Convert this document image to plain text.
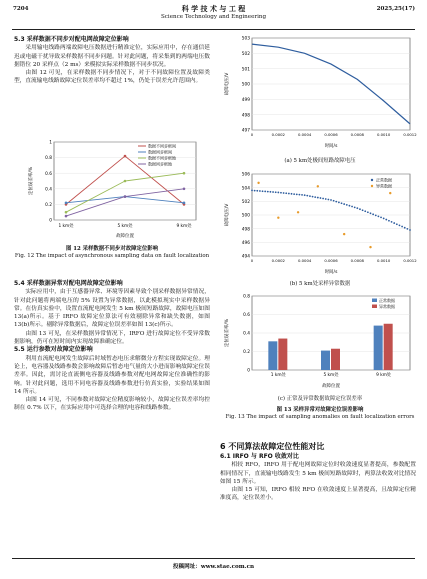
7204	科 学 技 术 与 工 程
Science Technology and Engineering
2025,25(17)
5.3 采样数据不同步对配电网故障定位影响

采用输电线路两端故障电压数据进行精准定位，实际应用中，存在通信延迟或电磁干扰导致采样数据不同步问题。针对此问题，将采集到的两端电压数据错位 20 采样点（2 ms）来模拟实际采样数据不同步状况。

由图 12 可见，在采样数据不同步情况下，对于不同故障位置及故障类型，直流输电线路故障定位误差率均不超过 1%，仍处于误差允许范围内。

0
0.2
0.4
0.6
0.8
1
定位误差率/%
故障位置
1 km处	5 km处	9 km处
数据不同步极间
数据同步极间
数据不同步极地
数据同步极地
图 12 采样数据不同步对故障定位影响
Fig. 12 The impact of asynchronous sampling data on fault localization
5.4 采样数据异常对配电网故障定位影响

实际应用中，由于互感器异常、环境等因素导致个别采样数据异常情况，针对此问题将两端电压的 5% 设置为异常数据，以此模拟现实中采样数据异常。在仿真实验中，设置直流配电网发生 5 km 极间短路故障，故障电压如图 13(a)所示。基于 IRFO 故障定位算法可有效剔除异常和缺失数据，如图 13(b)所示。剔除异常数据后，故障定位误差率如图 13(c)所示。

由图 13 可见，在采样数据异常情况下，IRFO 进行故障定位不受异常数据影响，仍可在短时间内实现故障准确定位。

5.5 运行参数对故障定位影响

利用直流配电网发生故障后时域暂态电压求解微分方程实现故障定位。理论上，电容器及线路参数会影响故障后暂态电气量的大小进而影响故障定位误差率。因此，需讨论直流侧电容器及线路参数对配电网故障定位准确性的影响。针对此问题，选用不同电容器及线路参数进行仿真实验，实验结果如图 14 所示。

由图 14 可见，不同参数对故障定位精度影响较小，故障定位误差率均控制在 0.7% 以下，在实际应用中可选择合理的电容和线路参数。

497
498
499
500
501
502
503
故障电压/V
时间/s
0	0.0002	0.0004	0.0006	0.0008	0.0010	0.0012
(a) 5 km处极间短路故障电压
494
496
498
500
502
504
506
故障电压/V
时间/s
0	0.0002	0.0004	0.0006	0.0008	0.0010	0.0012
正常数据
异常数据
(b) 5 km处采样异常数据
0
0.2
0.4
0.6
0.8
定位误差率/%
故障位置
1 km处	5 km处	9 km处
正常数据
异常数据
(c) 正常及异常数据故障定位误差率
图 13 采样异常对故障定位误差影响
Fig. 13 The impact of sampling anomalies on fault localization errors
6 不同算法故障定位性能对比
6.1 IRFO 与 RFO 收敛对比

相较 RFO，IRFO 用于配电网故障定位时收敛速度显著提高，参数配置相同情况下，直流输电线路发生 5 km 极间短路故障时，两算法收敛对比情况如图 15 所示。

由图 15 可知，IRFO 相较 RFO 在收敛速度上显著提高，且故障定位精准度高，定位误差小。

投稿网址：www.stae.com.cn
